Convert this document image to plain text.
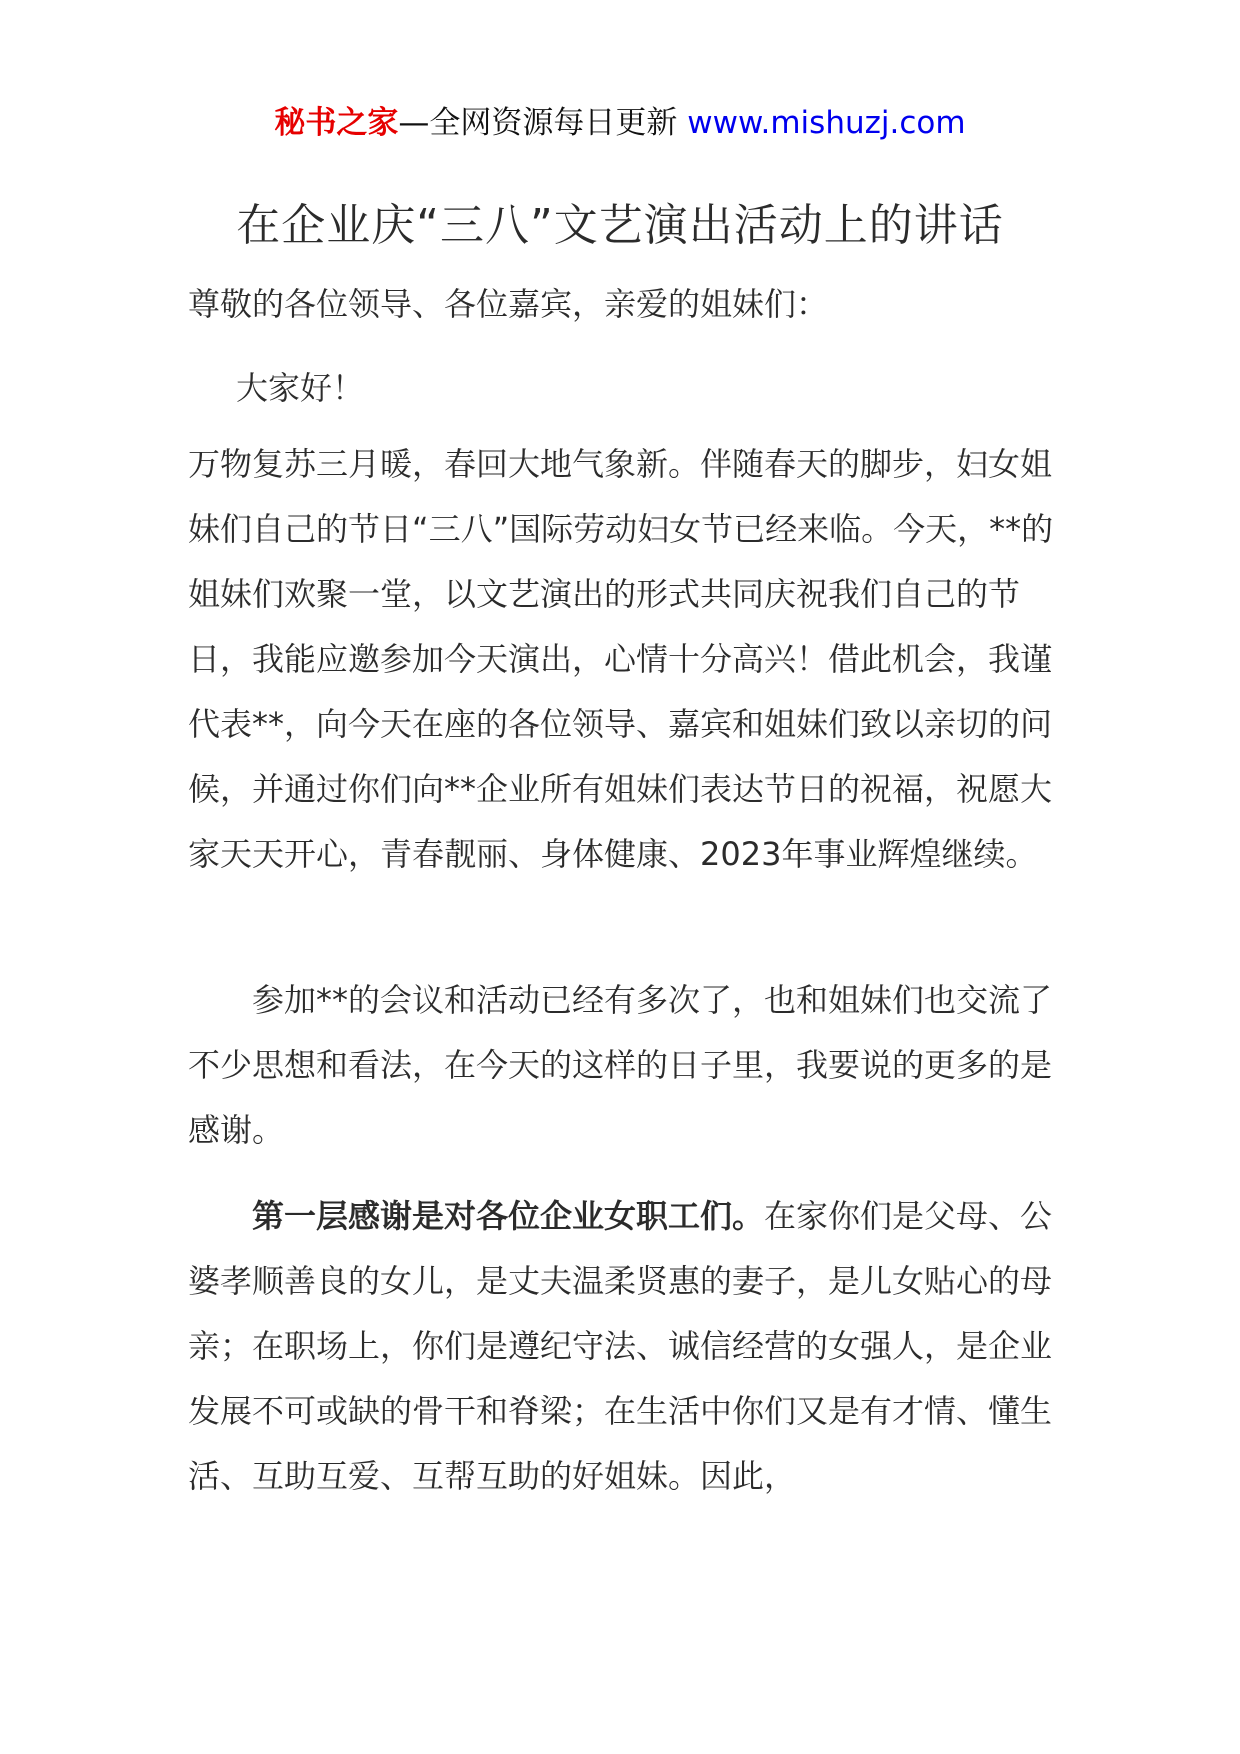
秘书之家—全网资源每日更新 www.mishuzj.com
在企业庆“三八”文艺演出活动上的讲话

尊敬的各位领导、各位嘉宾，亲爱的姐妹们：

大家好！

万物复苏三月暖，春回大地气象新。伴随春天的脚步，妇女姐妹们自己的节日“三八”国际劳动妇女节已经来临。今天，**的姐妹们欢聚一堂，以文艺演出的形式共同庆祝我们自己的节日，我能应邀参加今天演出，心情十分高兴！借此机会，我谨代表**，向今天在座的各位领导、嘉宾和姐妹们致以亲切的问候，并通过你们向**企业所有姐妹们表达节日的祝福，祝愿大家天天开心，青春靓丽、身体健康、2023年事业辉煌继续。

参加**的会议和活动已经有多次了，也和姐妹们也交流了不少思想和看法，在今天的这样的日子里，我要说的更多的是感谢。

第一层感谢是对各位企业女职工们。在家你们是父母、公婆孝顺善良的女儿，是丈夫温柔贤惠的妻子，是儿女贴心的母亲；在职场上，你们是遵纪守法、诚信经营的女强人，是企业发展不可或缺的骨干和脊梁；在生活中你们又是有才情、懂生活、互助互爱、互帮互助的好姐妹。因此，
